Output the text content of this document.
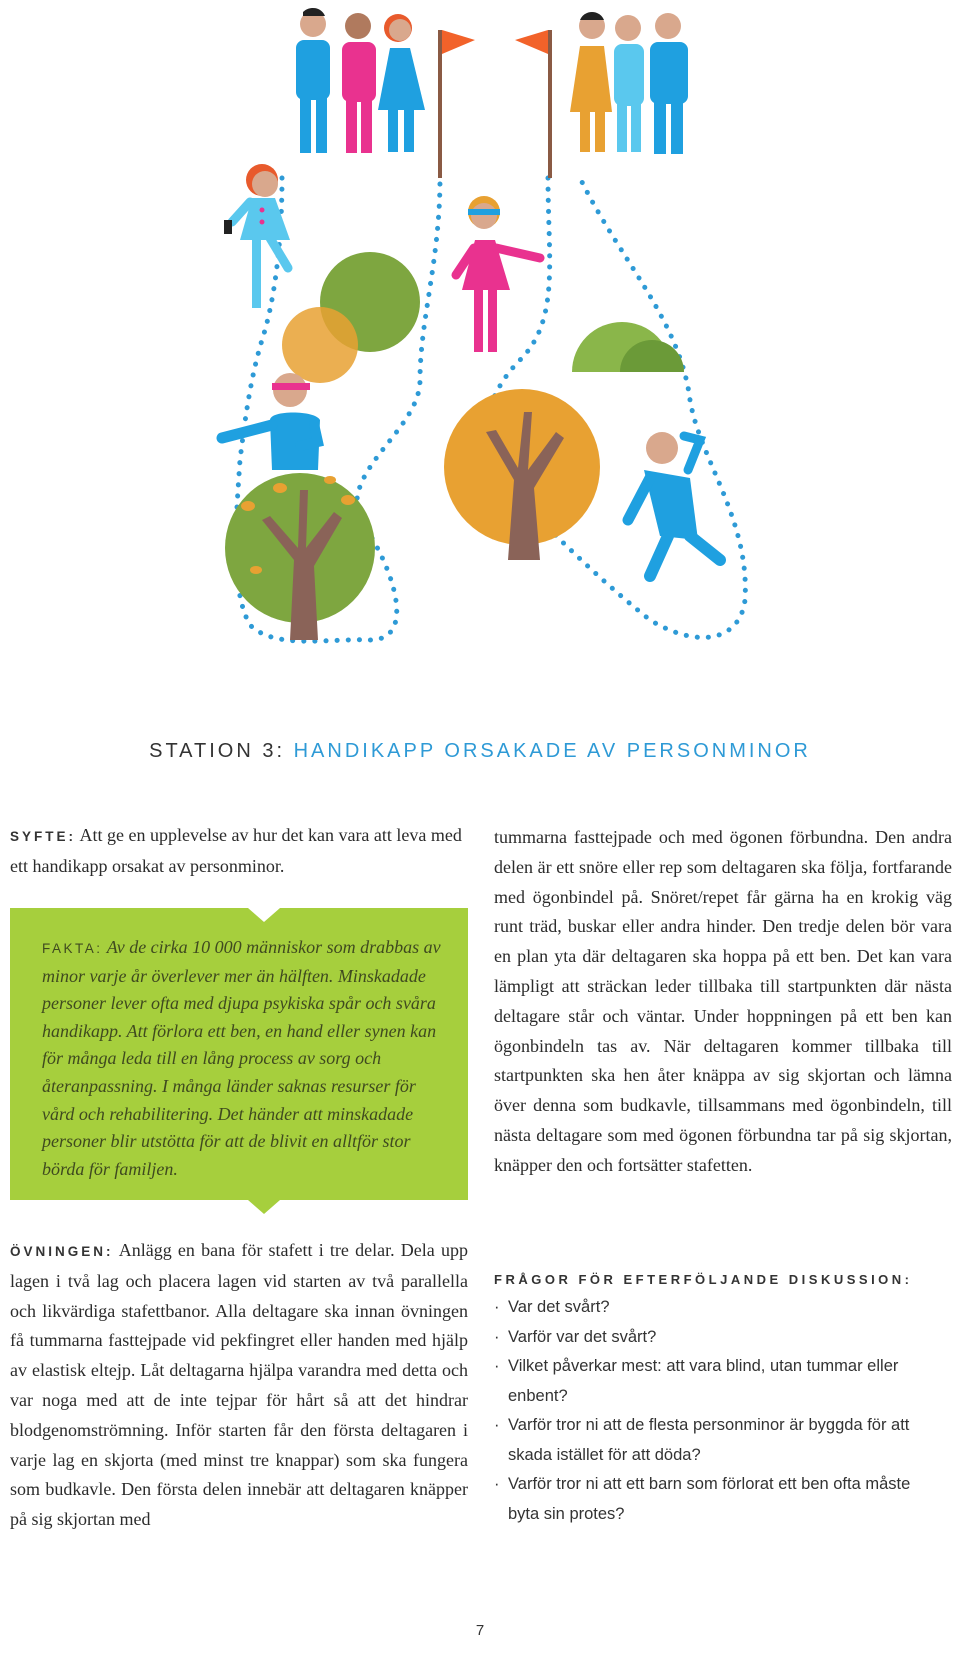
STATION 3: HANDIKAPP ORSAKADE AV PERSONMINOR
SYFTE: Att ge en upplevelse av hur det kan vara att leva med ett handikapp orsakat av personminor.
FAKTA: Av de cirka 10 000 människor som drabbas av minor varje år överlever mer än hälften. Minskadade personer lever ofta med djupa psykiska spår och svåra handikapp. Att förlora ett ben, en hand eller synen kan för många leda till en lång process av sorg och återanpassning. I många länder saknas resurser för vård och rehabilitering. Det händer att minskadade personer blir utstötta för att de blivit en alltför stor börda för familjen.
ÖVNINGEN: Anlägg en bana för stafett i tre delar. Dela upp lagen i två lag och placera lagen vid starten av två parallella och likvärdiga stafettbanor. Alla deltagare ska innan övningen få tummarna fasttejpade vid pekfingret eller handen med hjälp av elastisk eltejp. Låt deltagarna hjälpa varandra med detta och var noga med att de inte tejpar för hårt så att det hindrar blodgenomströmning. Inför starten får den första deltagaren i varje lag en skjorta (med minst tre knappar) som ska fungera som budkavle. Den första delen innebär att deltagaren knäpper på sig skjortan med
tummarna fasttejpade och med ögonen förbundna. Den andra delen är ett snöre eller rep som deltagaren ska följa, fortfarande med ögonbindel på. Snöret/repet får gärna ha en krokig väg runt träd, buskar eller andra hinder. Den tredje delen bör vara en plan yta där deltagaren ska hoppa på ett ben. Det kan vara lämpligt att sträckan leder tillbaka till startpunkten där nästa deltagare står och väntar. Under hoppningen på ett ben kan ögonbindeln tas av. När deltagaren kommer tillbaka till startpunkten ska hen åter knäppa av sig skjortan och lämna över denna som budkavle, tillsammans med ögonbindeln, till nästa deltagare som med ögonen förbundna tar på sig skjortan, knäpper den och fortsätter stafetten.
FRÅGOR FÖR EFTERFÖLJANDE DISKUSSION:
· Var det svårt?
· Varför var det svårt?
· Vilket påverkar mest: att vara blind, utan tummar eller enbent?
· Varför tror ni att de flesta personminor är byggda för att skada istället för att döda?
· Varför tror ni att ett barn som förlorat ett ben ofta måste byta sin protes?
7
